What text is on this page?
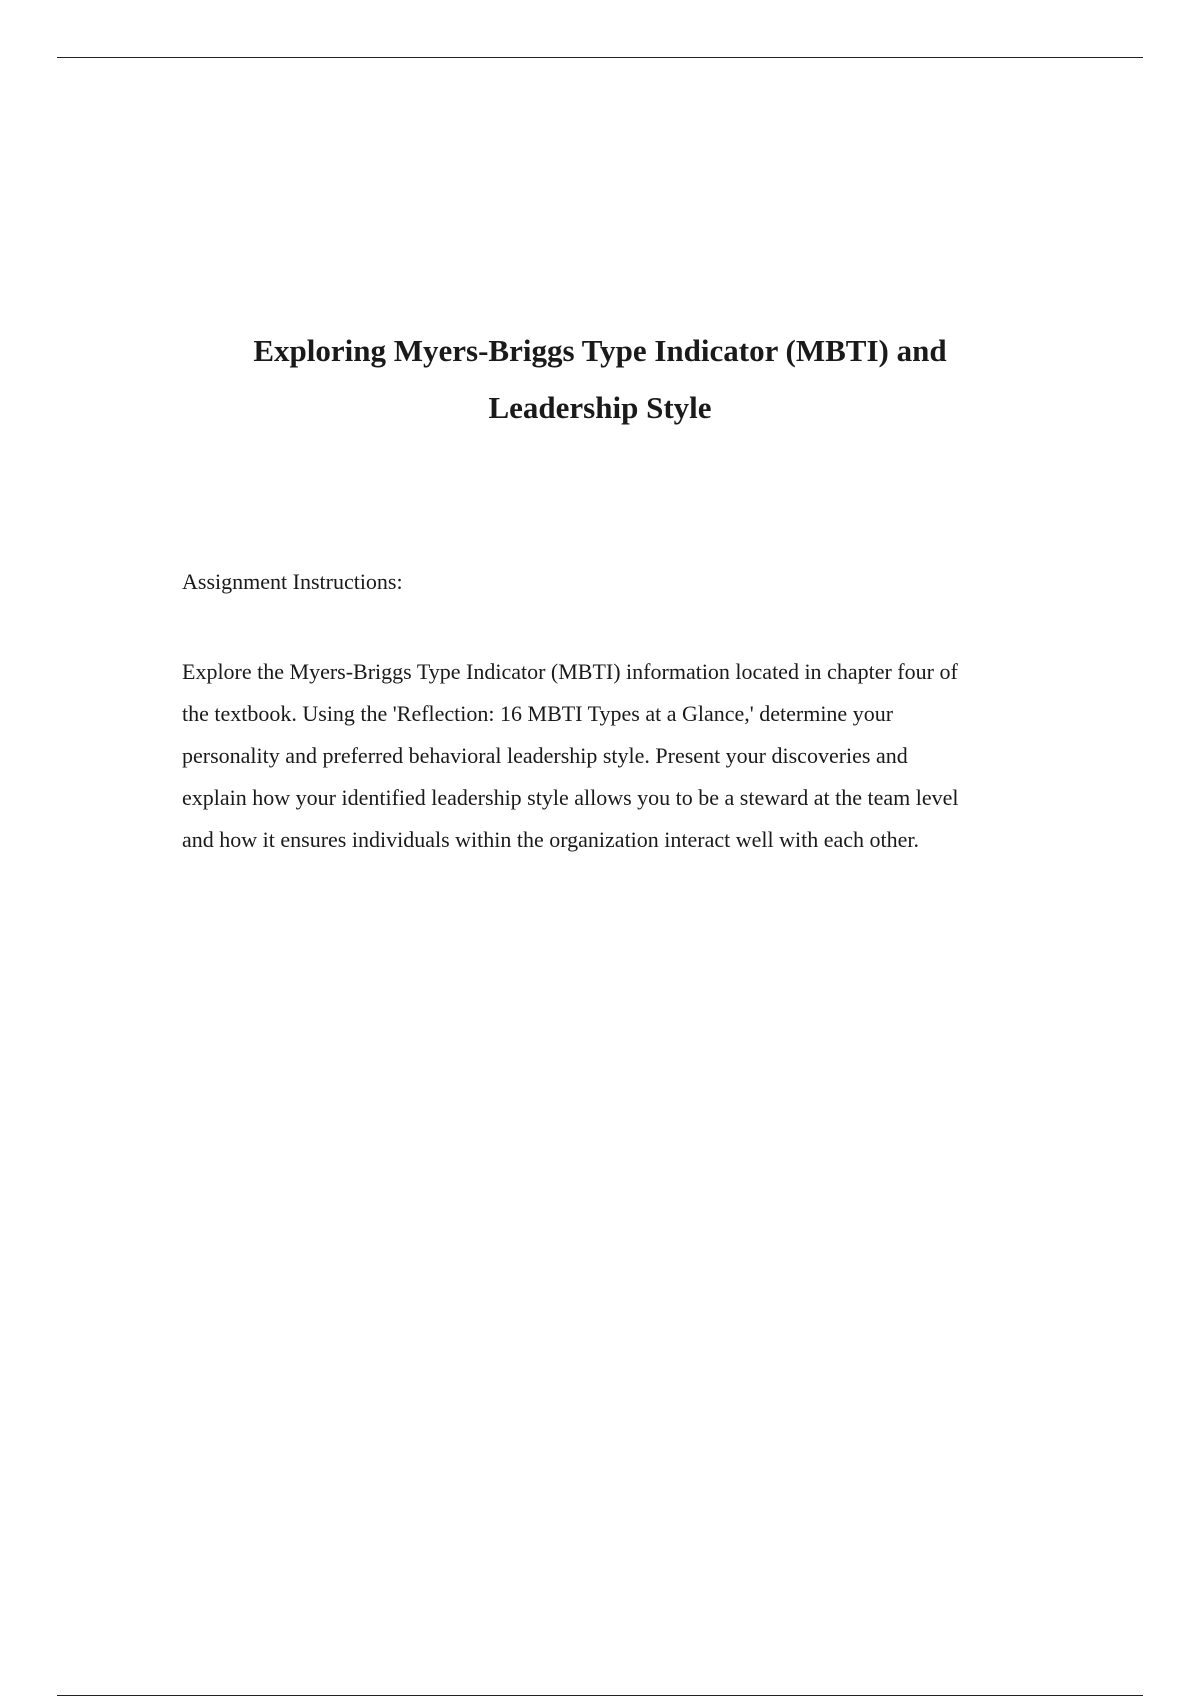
Exploring Myers-Briggs Type Indicator (MBTI) and
Leadership Style

Assignment Instructions:

Explore the Myers-Briggs Type Indicator (MBTI) information located in chapter four of
the textbook. Using the 'Reflection: 16 MBTI Types at a Glance,' determine your
personality and preferred behavioral leadership style. Present your discoveries and
explain how your identified leadership style allows you to be a steward at the team level
and how it ensures individuals within the organization interact well with each other.
